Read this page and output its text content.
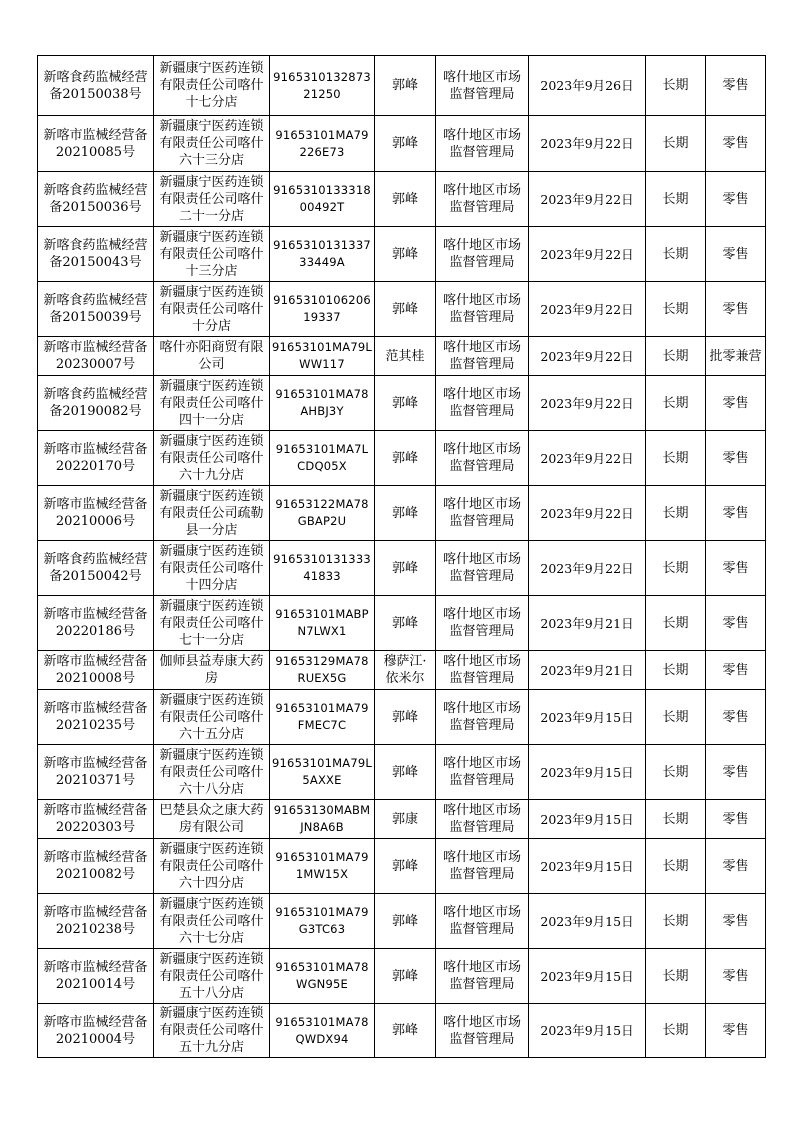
新喀食药监械经营备20150038号	新疆康宁医药连锁有限责任公司喀什十七分店	916531013287321250	郭峰	喀什地区市场监督管理局	2023年9月26日	长期	零售
新喀市监械经营备20210085号	新疆康宁医药连锁有限责任公司喀什六十三分店	91653101MA79226E73	郭峰	喀什地区市场监督管理局	2023年9月22日	长期	零售
新喀食药监械经营备20150036号	新疆康宁医药连锁有限责任公司喀什二十一分店	916531013331800492T	郭峰	喀什地区市场监督管理局	2023年9月22日	长期	零售
新喀食药监械经营备20150043号	新疆康宁医药连锁有限责任公司喀什十三分店	916531013133733449A	郭峰	喀什地区市场监督管理局	2023年9月22日	长期	零售
新喀食药监械经营备20150039号	新疆康宁医药连锁有限责任公司喀什十分店	916531010620619337	郭峰	喀什地区市场监督管理局	2023年9月22日	长期	零售
新喀市监械经营备20230007号	喀什亦阳商贸有限公司	91653101MA79LWW117	范其桂	喀什地区市场监督管理局	2023年9月22日	长期	批零兼营
新喀食药监械经营备20190082号	新疆康宁医药连锁有限责任公司喀什四十一分店	91653101MA78AHBJ3Y	郭峰	喀什地区市场监督管理局	2023年9月22日	长期	零售
新喀市监械经营备20220170号	新疆康宁医药连锁有限责任公司喀什六十九分店	91653101MA7LCDQ05X	郭峰	喀什地区市场监督管理局	2023年9月22日	长期	零售
新喀市监械经营备20210006号	新疆康宁医药连锁有限责任公司疏勒县一分店	91653122MA78GBAP2U	郭峰	喀什地区市场监督管理局	2023年9月22日	长期	零售
新喀食药监械经营备20150042号	新疆康宁医药连锁有限责任公司喀什十四分店	916531013133341833	郭峰	喀什地区市场监督管理局	2023年9月22日	长期	零售
新喀市监械经营备20220186号	新疆康宁医药连锁有限责任公司喀什七十一分店	91653101MABPN7LWX1	郭峰	喀什地区市场监督管理局	2023年9月21日	长期	零售
新喀市监械经营备20210008号	伽师县益寿康大药房	91653129MA78RUEX5G	穆萨江·依米尔	喀什地区市场监督管理局	2023年9月21日	长期	零售
新喀市监械经营备20210235号	新疆康宁医药连锁有限责任公司喀什六十五分店	91653101MA79FMEC7C	郭峰	喀什地区市场监督管理局	2023年9月15日	长期	零售
新喀市监械经营备20210371号	新疆康宁医药连锁有限责任公司喀什六十八分店	91653101MA79L5AXXE	郭峰	喀什地区市场监督管理局	2023年9月15日	长期	零售
新喀市监械经营备20220303号	巴楚县众之康大药房有限公司	91653130MABMJN8A6B	郭康	喀什地区市场监督管理局	2023年9月15日	长期	零售
新喀市监械经营备20210082号	新疆康宁医药连锁有限责任公司喀什六十四分店	91653101MA791MW15X	郭峰	喀什地区市场监督管理局	2023年9月15日	长期	零售
新喀市监械经营备20210238号	新疆康宁医药连锁有限责任公司喀什六十七分店	91653101MA79G3TC63	郭峰	喀什地区市场监督管理局	2023年9月15日	长期	零售
新喀市监械经营备20210014号	新疆康宁医药连锁有限责任公司喀什五十八分店	91653101MA78WGN95E	郭峰	喀什地区市场监督管理局	2023年9月15日	长期	零售
新喀市监械经营备20210004号	新疆康宁医药连锁有限责任公司喀什五十九分店	91653101MA78QWDX94	郭峰	喀什地区市场监督管理局	2023年9月15日	长期	零售
